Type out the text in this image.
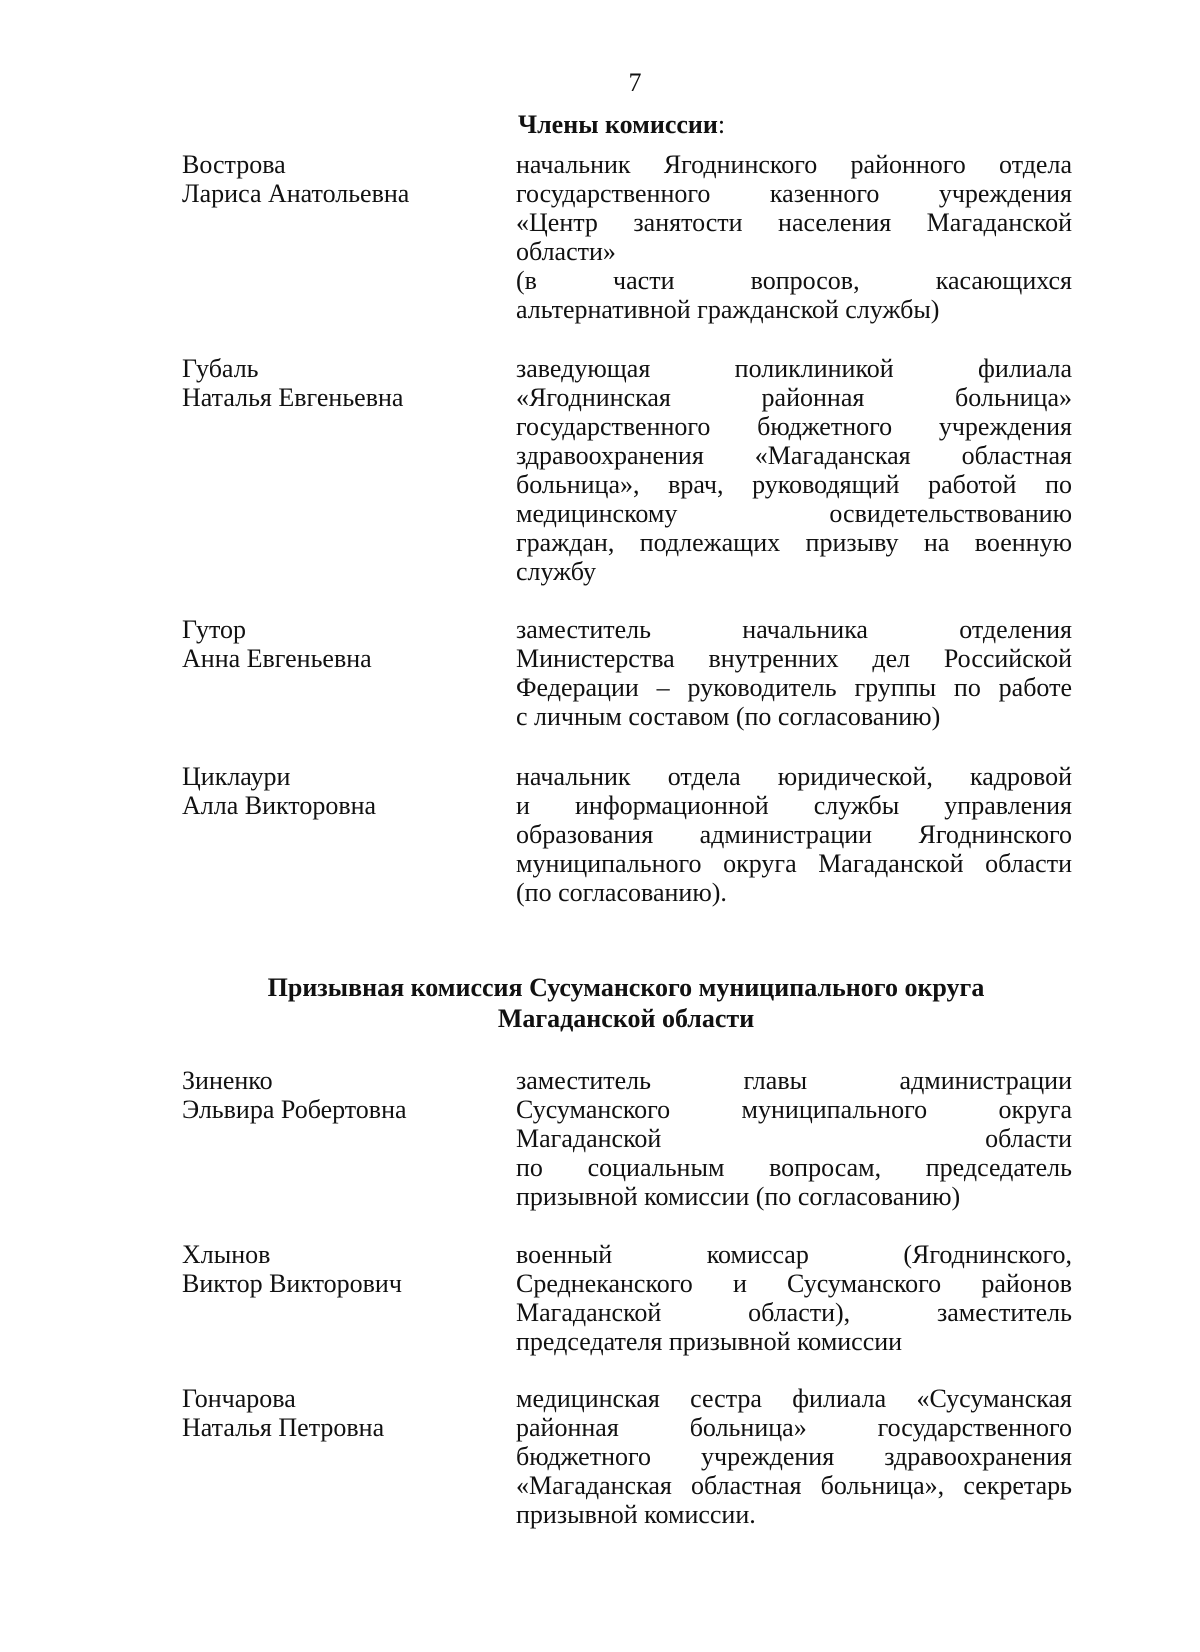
7
Члены комиссии:
Вострова
Лариса Анатольевна
начальник Ягоднинского районного отдела
государственного казенного учреждения
«Центр занятости населения Магаданской
области»
(в части вопросов, касающихся
альтернативной гражданской службы)
Губаль
Наталья Евгеньевна
заведующая поликлиникой филиала
«Ягоднинская районная больница»
государственного бюджетного учреждения
здравоохранения «Магаданская областная
больница», врач, руководящий работой по
медицинскому освидетельствованию
граждан, подлежащих призыву на военную
службу
Гутор
Анна Евгеньевна
заместитель начальника отделения
Министерства внутренних дел Российской
Федерации – руководитель группы по работе
с личным составом (по согласованию)
Циклаури
Алла Викторовна
начальник отдела юридической, кадровой
и информационной службы управления
образования администрации Ягоднинского
муниципального округа Магаданской области
(по согласованию).
Призывная комиссия Сусуманского муниципального округа
Магаданской области
Зиненко
Эльвира Робертовна
заместитель главы администрации
Сусуманского муниципального округа
Магаданской области
по социальным вопросам, председатель
призывной комиссии (по согласованию)
Хлынов
Виктор Викторович
военный комиссар (Ягоднинского,
Среднеканского и Сусуманского районов
Магаданской области), заместитель
председателя призывной комиссии
Гончарова
Наталья Петровна
медицинская сестра филиала «Сусуманская
районная больница» государственного
бюджетного учреждения здравоохранения
«Магаданская областная больница», секретарь
призывной комиссии.
